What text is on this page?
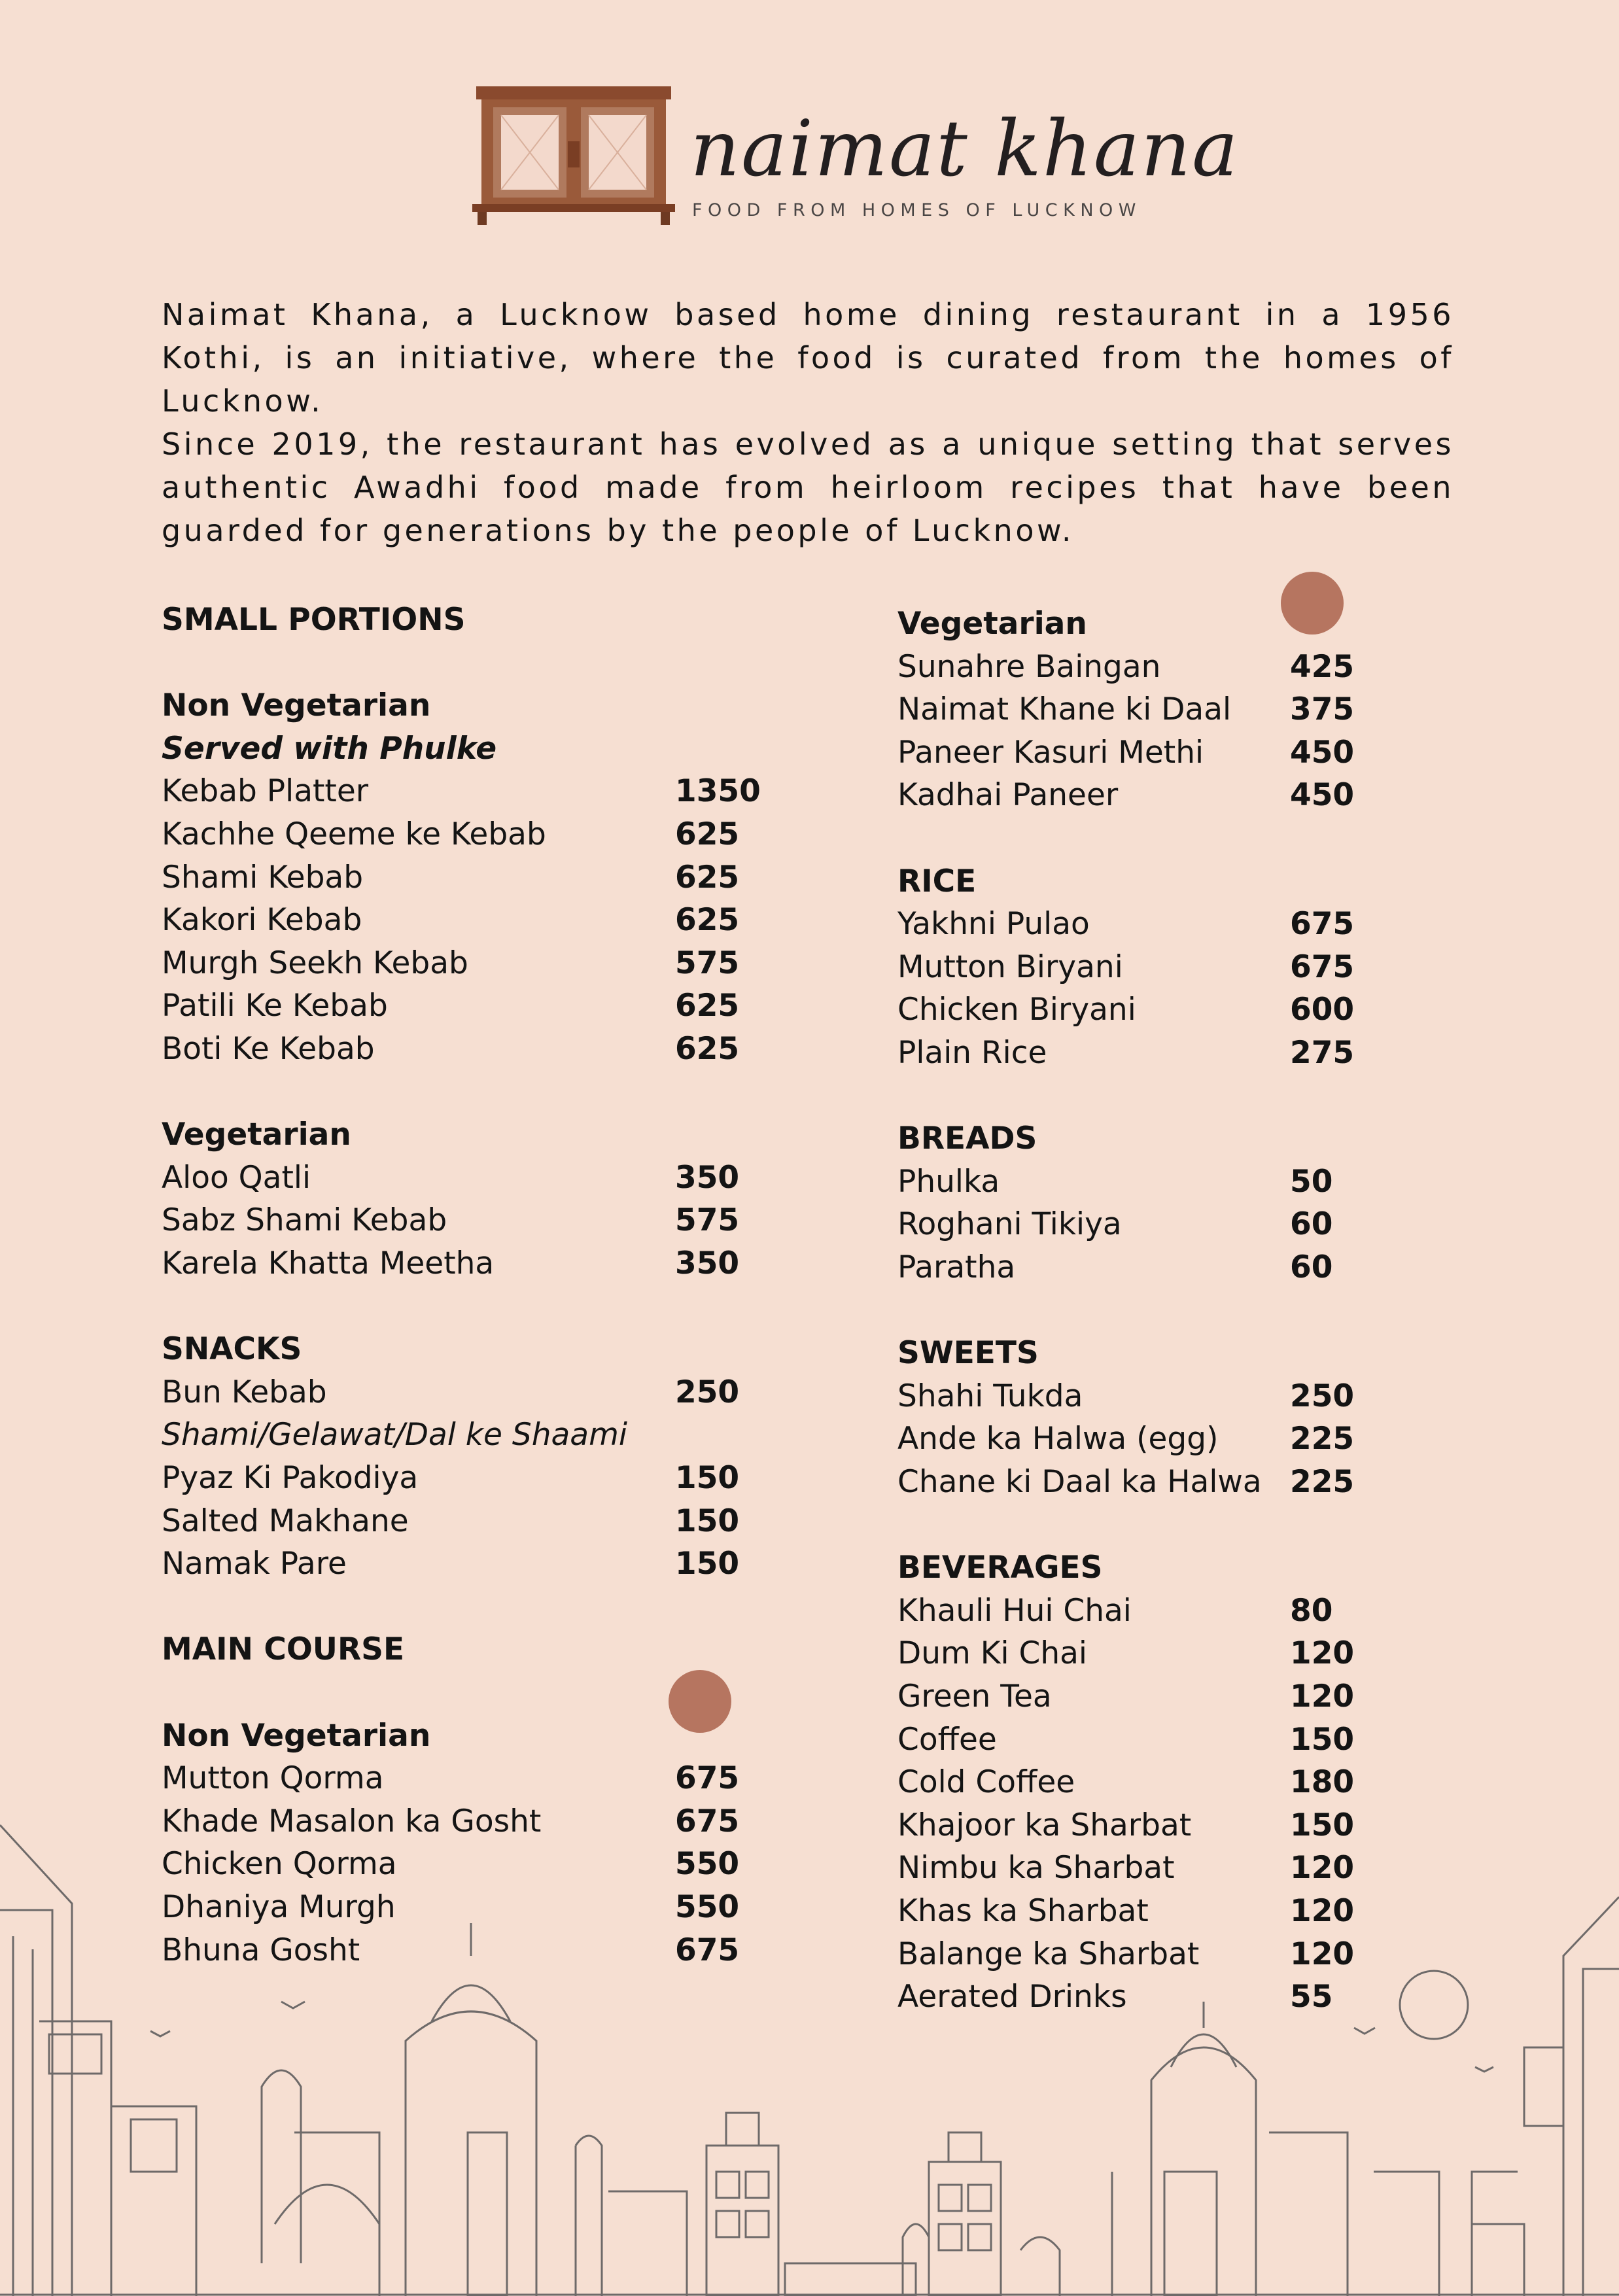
naimat khana
FOOD FROM HOMES OF LUCKNOW

Naimat Khana, a Lucknow based home dining restaurant in a 1956 Kothi, is an initiative, where the food is curated from the homes of Lucknow.

Since 2019, the restaurant has evolved as a unique setting that serves authentic Awadhi food made from heirloom recipes that have been guarded for generations by the people of Lucknow.

SMALL PORTIONS
Non Vegetarian
Served with Phulke
1350
Kebab Platter
625
Kachhe Qeeme ke Kebab
625
Shami Kebab
625
Kakori Kebab
575
Murgh Seekh Kebab
625
Patili Ke Kebab
625
Boti Ke Kebab
Vegetarian
350
Aloo Qatli
575
Sabz Shami Kebab
350
Karela Khatta Meetha
SNACKS
250
Bun Kebab
Shami/Gelawat/Dal ke Shaami
150
Pyaz Ki Pakodiya
150
Salted Makhane
150
Namak Pare
MAIN COURSE
Non Vegetarian
675
Mutton Qorma
675
Khade Masalon ka Gosht
550
Chicken Qorma
550
Dhaniya Murgh
675
Bhuna Gosht
Vegetarian
425
Sunahre Baingan
375
Naimat Khane ki Daal
450
Paneer Kasuri Methi
450
Kadhai Paneer
RICE
675
Yakhni Pulao
675
Mutton Biryani
600
Chicken Biryani
275
Plain Rice
BREADS
50
Phulka
60
Roghani Tikiya
60
Paratha
SWEETS
250
Shahi Tukda
225
Ande ka Halwa (egg)
225
Chane ki Daal ka Halwa
BEVERAGES
80
Khauli Hui Chai
120
Dum Ki Chai
120
Green Tea
150
Coffee
180
Cold Coffee
150
Khajoor ka Sharbat
120
Nimbu ka Sharbat
120
Khas ka Sharbat
120
Balange ka Sharbat
55
Aerated Drinks
